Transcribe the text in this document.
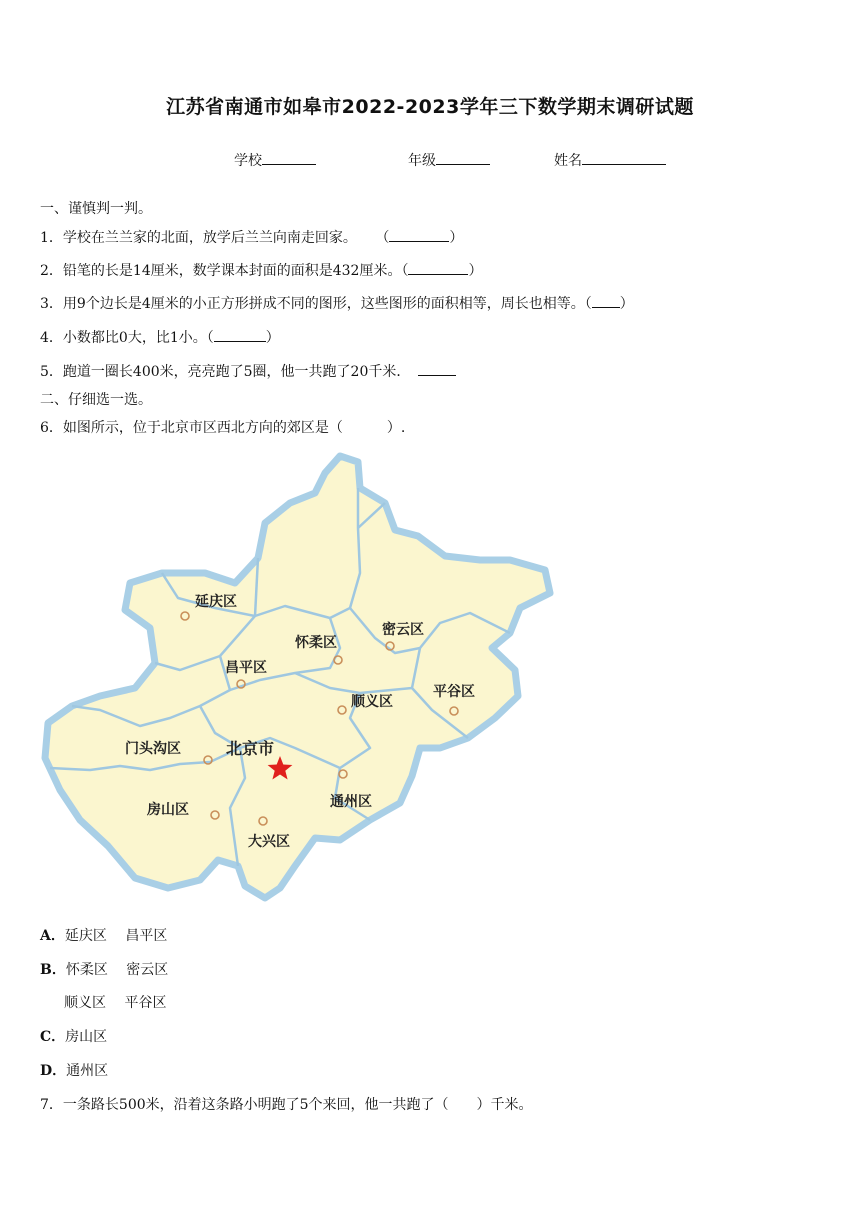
江苏省南通市如皋市2022-2023学年三下数学期末调研试题
学校	年级	姓名
一、谨慎判一判。
1．学校在兰兰家的北面，放学后兰兰向南走回家。 （	）
2．铅笔的长是14厘米，数学课本封面的面积是432厘米。（	）
3．用9个边长是4厘米的小正方形拼成不同的图形，这些图形的面积相等，周长也相等。（ ）
4．小数都比0大，比1小。（	）
5．跑道一圈长400米，亮亮跑了5圈，他一共跑了20千米．
二、仔细选一选。
6．如图所示，位于北京市区西北方向的郊区是（	）.
延庆区
怀柔区
密云区
昌平区
平谷区
顺义区
门头沟区	北京市
通州区
房山区
大兴区
A．延庆区　 昌平区
B．怀柔区　 密云区
顺义区　 平谷区
C．房山区
D．通州区
7．一条路长500米，沿着这条路小明跑了5个来回，他一共跑了（　　）千米。
